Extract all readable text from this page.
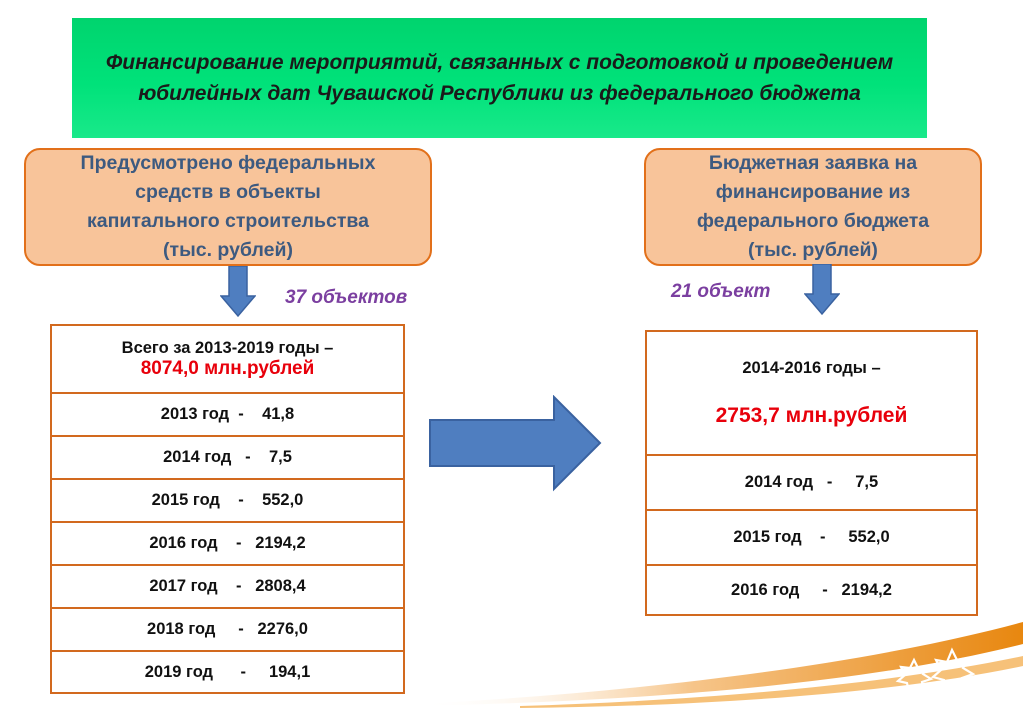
Финансирование мероприятий, связанных с подготовкой и проведением юбилейных дат Чувашской Республики из федерального бюджета
Предусмотрено федеральных
средств в объекты
капитального строительства
(тыс. рублей)
Бюджетная заявка на
финансирование из
федерального бюджета
(тыс. рублей)
37 объектов	21 объект
Всего за 2013-2019 годы –
8074,0 млн.рублей
2013 год  -    41,8
2014 год   -    7,5
2015 год    -    552,0
2016 год    -   2194,2
2017 год    -   2808,4
2018 год     -   2276,0
2019 год      -     194,1
2014-2016 годы –
2753,7 млн.рублей
2014 год   -     7,5
2015 год    -     552,0
2016 год     -   2194,2
